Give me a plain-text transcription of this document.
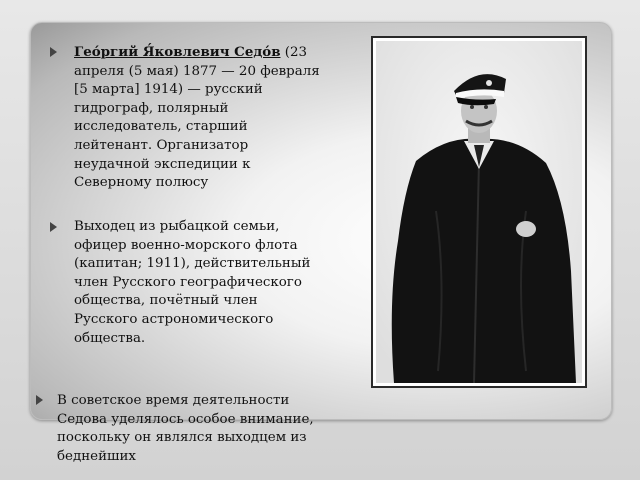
Гео́ргий Я́ковлевич Седо́в (23 апреля (5 мая) 1877 — 20 февраля [5 марта] 1914) — русский гидрограф, полярный исследователь, старший лейтенант. Организатор неудачной экспедиции к Северному полюсу
Выходец из рыбацкой семьи, офицер военно-морского флота (капитан; 1911), действительный член Русского географического общества, почётный член Русского астрономического общества.
В советское время деятельности Седова уделялось особое внимание, поскольку он являлся выходцем из беднейших
